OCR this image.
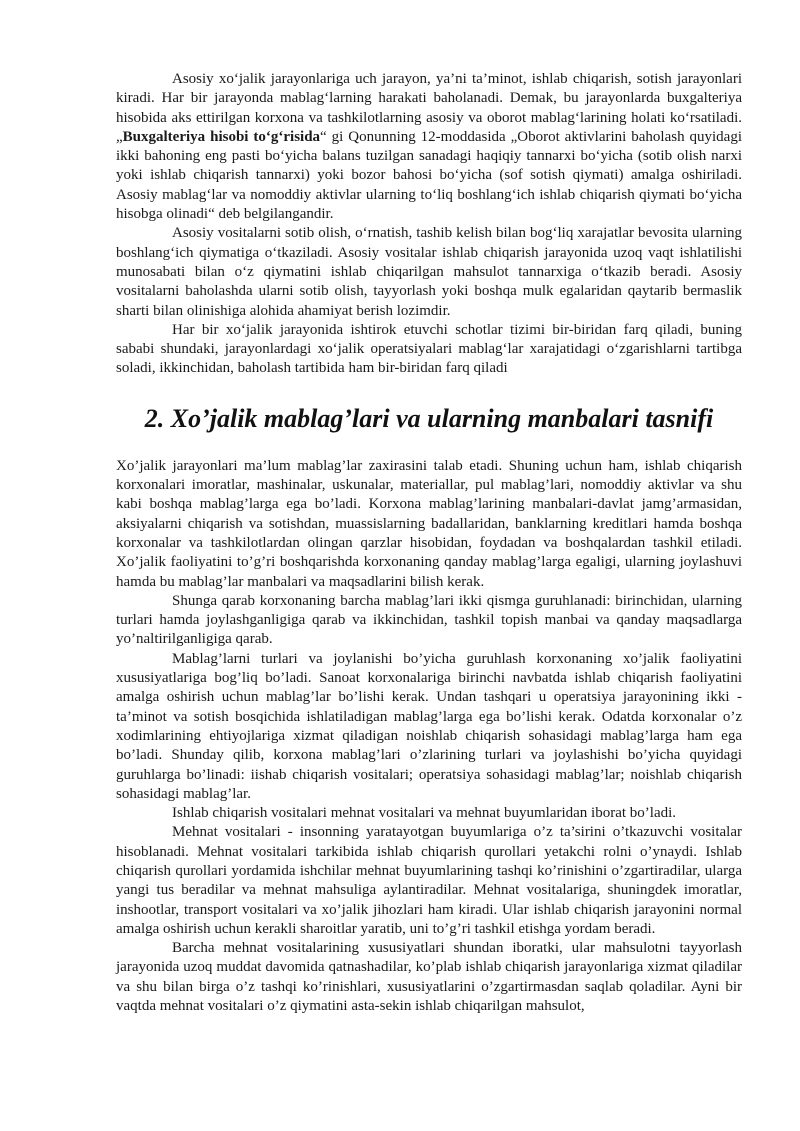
Asosiy xo‘jalik jarayonlariga uch jarayon, ya’ni ta’minot, ishlab chiqarish, sotish jarayonlari kiradi. Har bir jarayonda mablag‘larning harakati baholanadi. Demak, bu jarayonlarda buxgalteriya hisobida aks ettirilgan korxona va tashkilotlarning asosiy va oborot mablag‘larining holati ko‘rsatiladi. „Buxgalteriya hisobi to‘g‘risida“ gi Qonunning 12-moddasida „Oborot aktivlarini baholash quyidagi ikki bahoning eng pasti bo‘yicha balans tuzilgan sanadagi haqiqiy tannarxi bo‘yicha (sotib olish narxi yoki ishlab chiqarish tannarxi) yoki bozor bahosi bo‘yicha (sof sotish qiymati) amalga oshiriladi. Asosiy mablag‘lar va nomoddiy aktivlar ularning to‘liq boshlang‘ich ishlab chiqarish qiymati bo‘yicha hisobga olinadi“ deb belgilangandir.

Asosiy vositalarni sotib olish, o‘rnatish, tashib kelish bilan bog‘liq xarajatlar bevosita ularning boshlang‘ich qiymatiga o‘tkaziladi. Asosiy vositalar ishlab chiqarish jarayonida uzoq vaqt ishlatilishi munosabati bilan o‘z qiymatini ishlab chiqarilgan mahsulot tannarxiga o‘tkazib beradi. Asosiy vositalarni baholashda ularni sotib olish, tayyorlash yoki boshqa mulk egalaridan qaytarib bermaslik sharti bilan olinishiga alohida ahamiyat berish lozimdir.

Har bir xo‘jalik jarayonida ishtirok etuvchi schotlar tizimi bir-biridan farq qiladi, buning sababi shundaki, jarayonlardagi xo‘jalik operatsiyalari mablag‘lar xarajatidagi o‘zgarishlarni tartibga soladi, ikkinchidan, baholash tartibida ham bir-biridan farq qiladi

2. Xo’jalik mablag’lari va ularning manbalari tasnifi

Xo’jalik jarayonlari ma’lum mablag’lar zaxirasini talab etadi. Shuning uchun ham, ishlab chiqarish korxonalari imoratlar, mashinalar, uskunalar, materiallar, pul mablag’lari, nomoddiy aktivlar va shu kabi boshqa mablag’larga ega bo’ladi. Korxona mablag’larining manbalari-davlat jamg’armasidan, aksiyalarni chiqarish va sotishdan, muassislarning badallaridan, banklarning kreditlari hamda boshqa korxonalar va tashkilotlardan olingan qarzlar hisobidan, foydadan va boshqalardan tashkil etiladi. Xo’jalik faoliyatini to’g’ri boshqarishda korxonaning qanday mablag’larga egaligi, ularning joylashuvi hamda bu mablag’lar manbalari va maqsadlarini bilish kerak.

Shunga qarab korxonaning barcha mablag’lari ikki qismga guruhlanadi: birinchidan, ularning turlari hamda joylashganligiga qarab va ikkinchidan, tashkil topish manbai va qanday maqsadlarga yo’naltirilganligiga qarab.

Mablag’larni turlari va joylanishi bo’yicha guruhlash korxonaning xo’jalik faoliyatini xususiyatlariga bog’liq bo’ladi. Sanoat korxonalariga birinchi navbatda ishlab chiqarish faoliyatini amalga oshirish uchun mablag’lar bo’lishi kerak. Undan tashqari u operatsiya jarayonining ikki - ta’minot va sotish bosqichida ishlatiladigan mablag’larga ega bo’lishi kerak. Odatda korxonalar o’z xodimlarining ehtiyojlariga xizmat qiladigan noishlab chiqarish sohasidagi mablag’larga ham ega bo’ladi. Shunday qilib, korxona mablag’lari o’zlarining turlari va joylashishi bo’yicha quyidagi guruhlarga bo’linadi: iishab chiqarish vositalari; operatsiya sohasidagi mablag’lar; noishlab chiqarish sohasidagi mablag’lar.

Ishlab chiqarish vositalari mehnat vositalari va mehnat buyumlaridan iborat bo’ladi.

Mehnat vositalari - insonning yaratayotgan buyumlariga o’z ta’sirini o’tkazuvchi vositalar hisoblanadi. Mehnat vositalari tarkibida ishlab chiqarish qurollari yetakchi rolni o’ynaydi. Ishlab chiqarish qurollari yordamida ishchilar mehnat buyumlarining tashqi ko’rinishini o’zgartiradilar, ularga yangi tus beradilar va mehnat mahsuliga aylantiradilar. Mehnat vositalariga, shuningdek imoratlar, inshootlar, transport vositalari va xo’jalik jihozlari ham kiradi. Ular ishlab chiqarish jarayonini normal amalga oshirish uchun kerakli sharoitlar yaratib, uni to’g’ri tashkil etishga yordam beradi.

Barcha mehnat vositalarining xususiyatlari shundan iboratki, ular mahsulotni tayyorlash jarayonida uzoq muddat davomida qatnashadilar, ko’plab ishlab chiqarish jarayonlariga xizmat qiladilar va shu bilan birga o’z tashqi ko’rinishlari, xususiyatlarini o’zgartirmasdan saqlab qoladilar. Ayni bir vaqtda mehnat vositalari o’z qiymatini asta-sekin ishlab chiqarilgan mahsulot,
